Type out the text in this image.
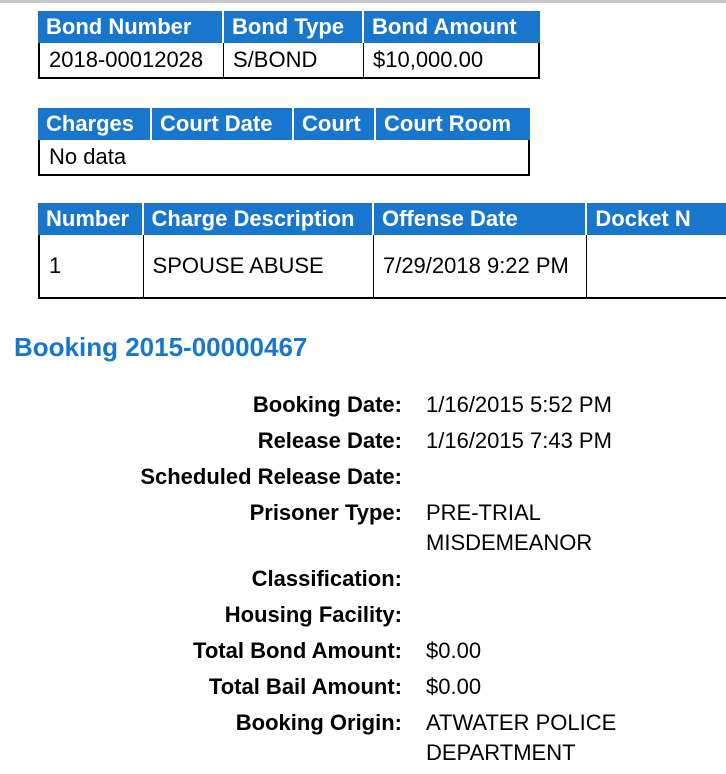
Bond Number	Bond Type	Bond Amount
2018-00012028	S/BOND	$10,000.00
Charges	Court Date	Court	Court Room
No data
Number	Charge Description	Offense Date	Docket N
1	SPOUSE ABUSE	7/29/2018 9:22 PM	
Booking 2015-00000467
Booking Date: 1/16/2015 5:52 PM
Release Date: 1/16/2015 7:43 PM
Scheduled Release Date:
Prisoner Type: PRE-TRIAL MISDEMEANOR
Classification:
Housing Facility:
Total Bond Amount: $0.00
Total Bail Amount: $0.00
Booking Origin: ATWATER POLICE DEPARTMENT
